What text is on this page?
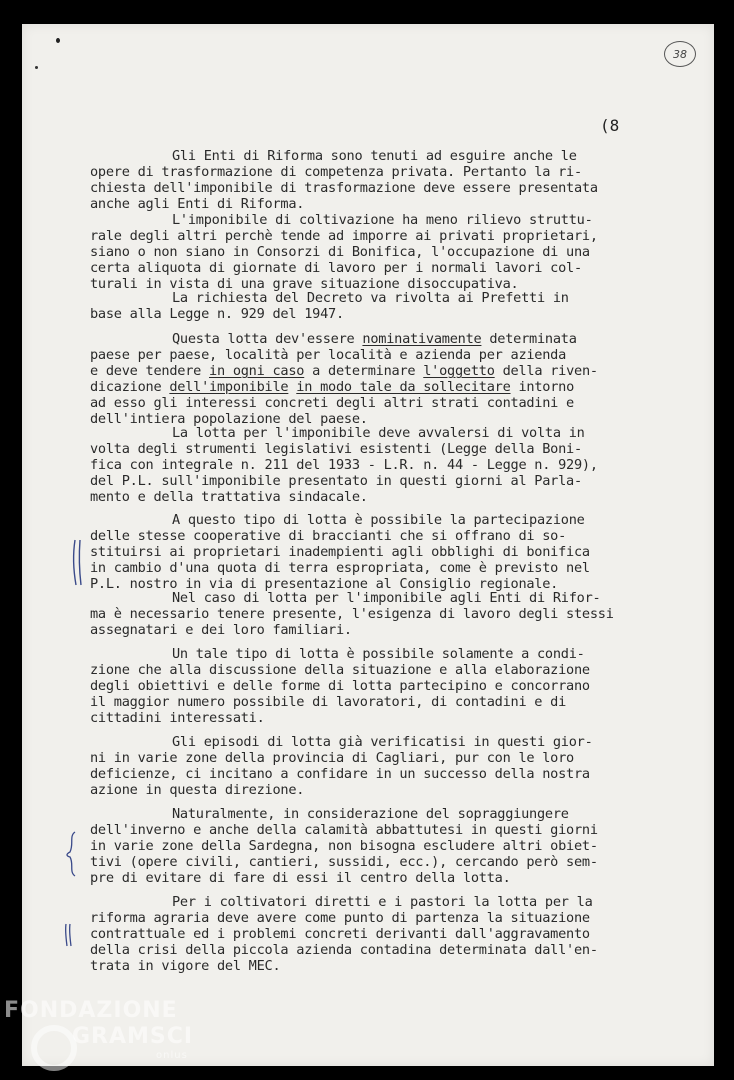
38
(8
Gli Enti di Riforma sono tenuti ad esguire anche le
opere di trasformazione di competenza privata. Pertanto la ri-
chiesta dell'imponibile di trasformazione deve essere presentata
anche agli Enti di Riforma.
L'imponibile di coltivazione ha meno rilievo struttu-
rale degli altri perchè tende ad imporre ai privati proprietari,
siano o non siano in Consorzi di Bonifica, l'occupazione di una
certa aliquota di giornate di lavoro per i normali lavori col-
turali in vista di una grave situazione disoccupativa.
La richiesta del Decreto va rivolta ai Prefetti in
base alla Legge n. 929 del 1947.
Questa lotta dev'essere nominativamente determinata
paese per paese, località per località e azienda per azienda
e deve tendere in ogni caso a determinare l'oggetto della riven-
dicazione dell'imponibile in modo tale da sollecitare intorno
ad esso gli interessi concreti degli altri strati contadini e
dell'intiera popolazione del paese.
La lotta per l'imponibile deve avvalersi di volta in
volta degli strumenti legislativi esistenti (Legge della Boni-
fica con integrale n. 211 del 1933 - L.R. n. 44 - Legge n. 929),
del P.L. sull'imponibile presentato in questi giorni al Parla-
mento e della trattativa sindacale.
A questo tipo di lotta è possibile la partecipazione
delle stesse cooperative di braccianti che si offrano di so-
stituirsi ai proprietari inadempienti agli obblighi di bonifica
in cambio d'una quota di terra espropriata, come è previsto nel
P.L. nostro in via di presentazione al Consiglio regionale.
Nel caso di lotta per l'imponibile agli Enti di Rifor-
ma è necessario tenere presente, l'esigenza di lavoro degli stessi
assegnatari e dei loro familiari.
Un tale tipo di lotta è possibile solamente a condi-
zione che alla discussione della situazione e alla elaborazione
degli obiettivi e delle forme di lotta partecipino e concorrano
il maggior numero possibile di lavoratori, di contadini e di
cittadini interessati.
Gli episodi di lotta già verificatisi in questi gior-
ni in varie zone della provincia di Cagliari, pur con le loro
deficienze, ci incitano a confidare in un successo della nostra
azione in questa direzione.
Naturalmente, in considerazione del sopraggiungere
dell'inverno e anche della calamità abbattutesi in questi giorni
in varie zone della Sardegna, non bisogna escludere altri obiet-
tivi (opere civili, cantieri, sussidi, ecc.), cercando però sem-
pre di evitare di fare di essi il centro della lotta.
Per i coltivatori diretti e i pastori la lotta per la
riforma agraria deve avere come punto di partenza la situazione
contrattuale ed i problemi concreti derivanti dall'aggravamento
della crisi della piccola azienda contadina determinata dall'en-
trata in vigore del MEC.
FONDAZIONE
GRAMSCI
onlus
